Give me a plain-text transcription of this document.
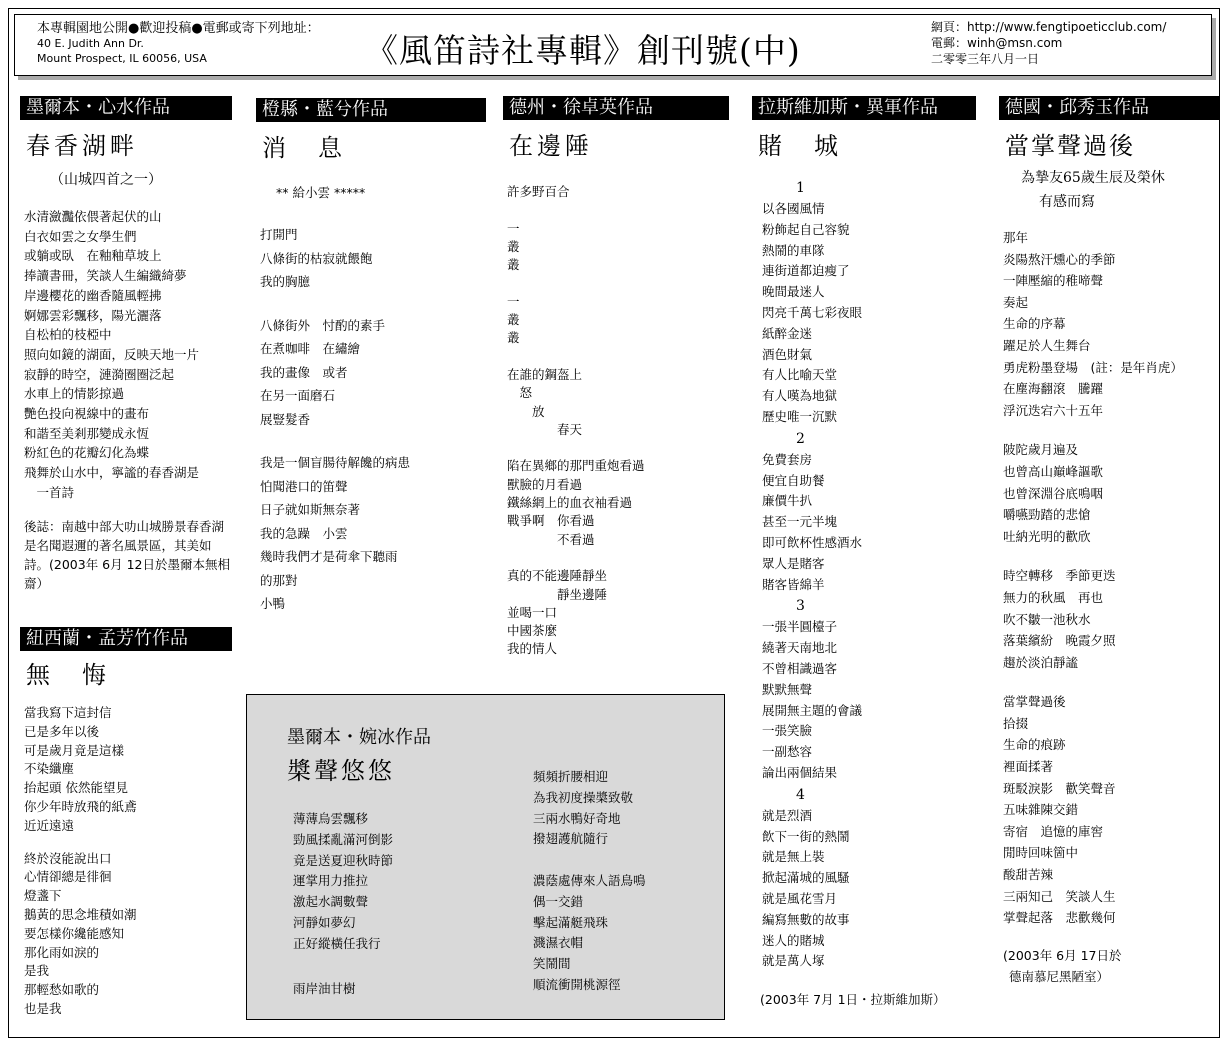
本專輯園地公開●歡迎投稿●電郵或寄下列地址：
40 E. Judith Ann Dr.
Mount Prospect, IL 60056, USA	《風笛詩社專輯》創刊號(中)
網頁：http://www.fengtipoeticclub.com/
電郵：winh@msn.com
二零零三年八月一日
墨爾本・心水作品
春香湖畔
（山城四首之一）
水清瀲灩依偎著起伏的山
白衣如雲之女學生們
或躺或臥　在釉釉草坡上
捧讀書冊，笑談人生編織綺夢
岸邊櫻花的幽香隨風輕拂
婀娜雲彩飄移，陽光灑落
自松柏的枝椏中
照向如鏡的湖面，反映天地一片
寂靜的時空，漣漪圈圈泛起
水車上的情影掠過
艷色投向視線中的畫布
和諧至美剎那變成永恆
粉紅色的花瓣幻化為蝶
飛舞於山水中，寧謐的春香湖是
　一首詩
後誌：南越中部大叻山城勝景春香湖是名聞遐邇的著名風景區，其美如詩。(2003年 6月 12日於墨爾本無相齋）
紐西蘭・孟芳竹作品
無　悔
當我寫下這封信
已是多年以後
可是歲月竟是這樣
不染纖塵
抬起頭 依然能望見
你少年時放飛的紙鳶
近近遠遠
終於沒能說出口
心情卻總是徘徊
燈盞下
鵝黃的思念堆積如潮
要怎樣你纔能感知
那化雨如淚的
是我
那輕愁如歌的
也是我
橙縣・藍兮作品
消　息
** 給小雲 *****
打開門
八條街的枯寂就餵飽
我的胸臆
八條街外　忖酌的素手
在煮咖啡　在繡繪
我的畫像　或者
在另一面磨石
展豎髮香
我是一個盲腸待解饞的病患
怕聞港口的笛聲
日子就如斯無奈著
我的急躁　小雲
幾時我們才是荷傘下聽雨
的那對
小鴨
德州・徐卓英作品
在邊陲
許多野百合

一
叢
叢

一
叢
叢

在誰的鋼盔上
　怒
　　放
　　　　春天

陷在異鄉的那門重炮看過
獸臉的月看過
鐵絲網上的血衣袖看過
戰爭啊　你看過
　　　　不看過

真的不能邊陲靜坐
　　　　靜坐邊陲
並喝一口
中國茶麼
我的情人
拉斯維加斯・異軍作品
賭　城
1
以各國風情
粉飾起自己容貌
熱鬧的車隊
連街道都迫瘦了
晚間最迷人
閃亮千萬七彩夜眼
紙醉金迷
酒色財氣
有人比喻天堂
有人嘆為地獄
歷史唯一沉默
2
免費套房
便宜自助餐
廉價牛扒
甚至一元半塊
即可飲杯性感酒水
眾人是賭客
賭客皆綿羊
3
一張半圓檯子
繞著天南地北
不曾相識過客
默默無聲
展開無主題的會議
一張笑臉
一副愁容
論出兩個結果
4
就是烈酒
飲下一街的熱鬧
就是無上裝
掀起滿城的風騷
就是風花雪月
編寫無數的故事
迷人的賭城
就是萬人塚
(2003年 7月 1日・拉斯維加斯）
德國・邱秀玉作品
當掌聲過後
為摯友65歲生辰及榮休
有感而寫
那年
炎陽熬汗燻心的季節
一陣壓縮的稚啼聲
奏起
生命的序幕
躍足於人生舞台
勇虎粉墨登場　(註：是年肖虎）
在塵海翻滾　騰躍
浮沉迭宕六十五年
陂陀歲月遍及
也曾高山巔峰謳歌
也曾深淵谷底鳴咽
嚼嚥勁踏的悲愴
吐納光明的歡欣
時空轉移　季節更迭
無力的秋風　再也
吹不皺一池秋水
落葉繽紛　晚霞夕照
趨於淡泊靜謐
當掌聲過後
拾掇
生命的痕跡
裡面揉著
斑駁淚影　歡笑聲音
五味雜陳交錯
寄宿　追憶的庫窖
閒時回味箇中
酸甜苦辣
三兩知己　笑談人生
掌聲起落　悲歡幾何
(2003年 6月 17日於
德南慕尼黑陋室）
墨爾本・婉冰作品
槳聲悠悠
薄薄烏雲飄移
勁風揉亂滿河倒影
竟是送夏迎秋時節
運掌用力推拉
激起水調數聲
河靜如夢幻
正好縱橫任我行

雨岸油甘樹
頻頻折腰相迎
為我初度操槳致敬
三兩水鴨好奇地
撥翅護航隨行

濃蔭處傳來人語鳥鳴
偶一交錯
擊起滿艇飛珠
濺濕衣帽
笑鬧間
順流衝開桃源徑
